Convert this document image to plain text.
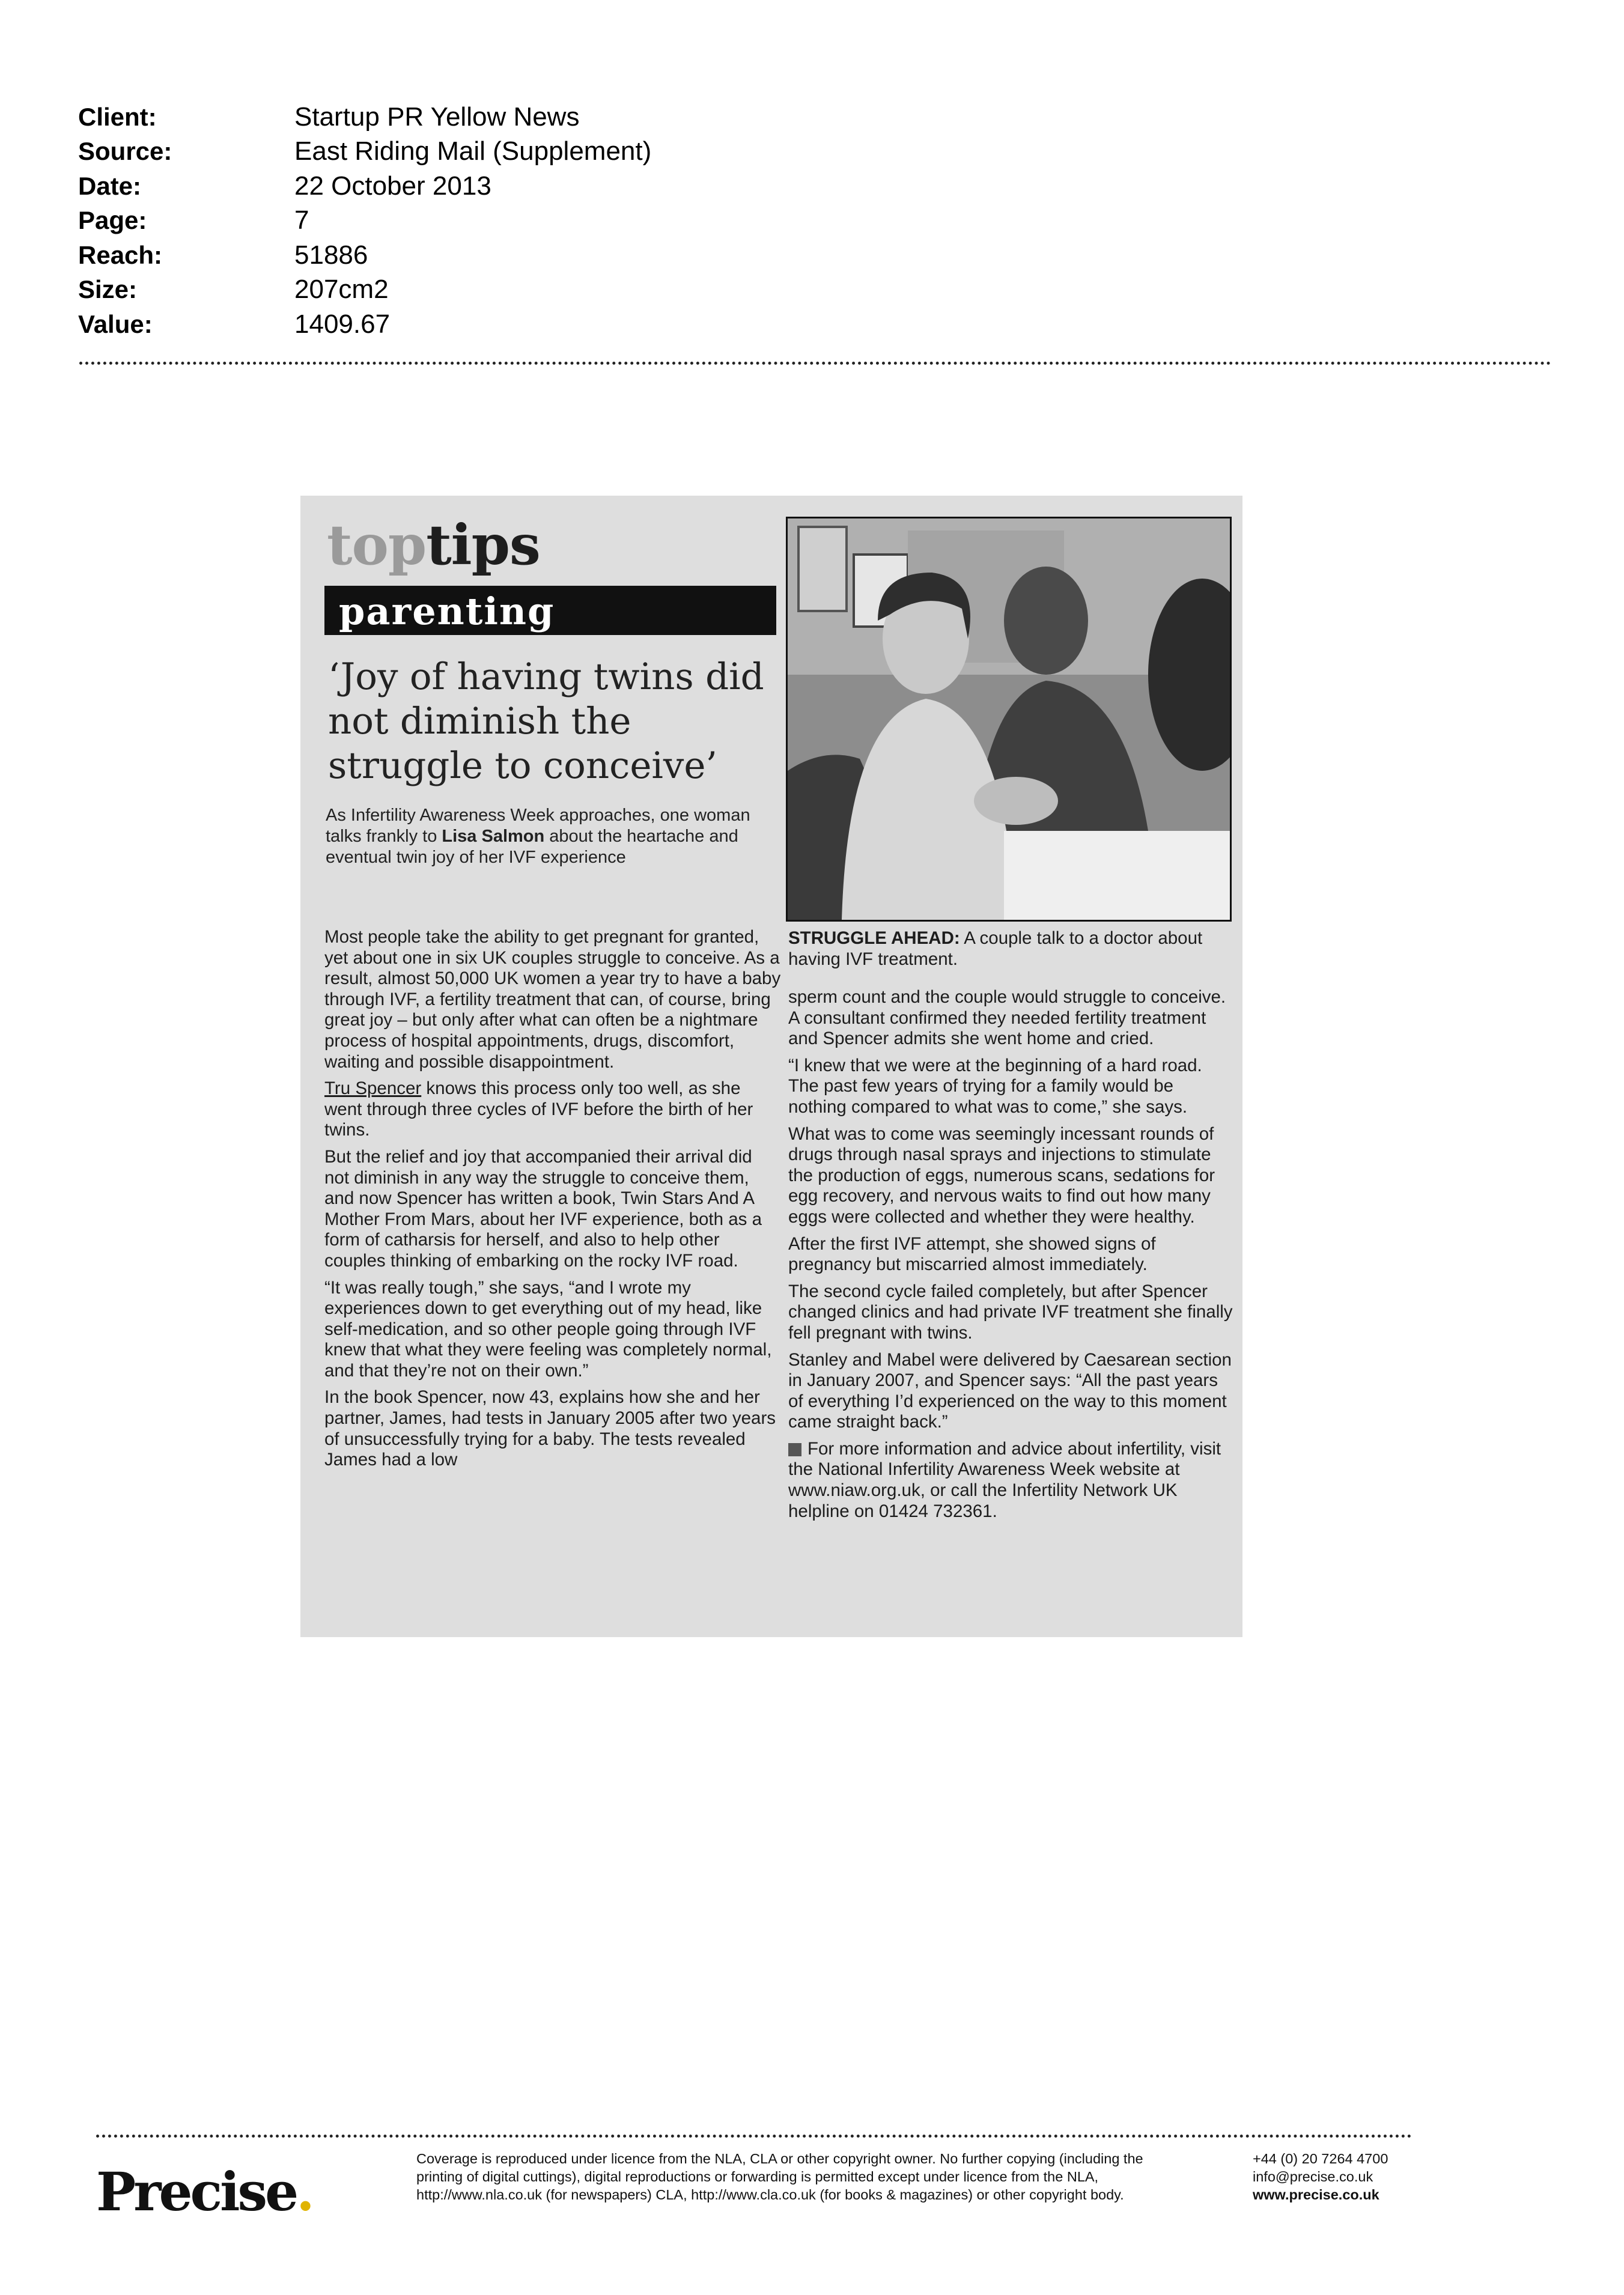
Client:	Startup PR Yellow News
Source:	East Riding Mail (Supplement)
Date:	22 October 2013
Page:	7
Reach:	51886
Size:	207cm2
Value:	1409.67
toptips
parenting
‘Joy of having twins did not diminish the struggle to conceive’
As Infertility Awareness Week approaches, one woman talks frankly to Lisa Salmon about the heartache and eventual twin joy of her IVF experience
STRUGGLE AHEAD: A couple talk to a doctor about having IVF treatment.

Most people take the ability to get pregnant for granted, yet about one in six UK couples struggle to conceive. As a result, almost 50,000 UK women a year try to have a baby through IVF, a fertility treatment that can, of course, bring great joy – but only after what can often be a nightmare process of hospital appointments, drugs, discomfort, waiting and possible disappointment.

Tru Spencer knows this process only too well, as she went through three cycles of IVF before the birth of her twins.

But the relief and joy that accompanied their arrival did not diminish in any way the struggle to conceive them, and now Spencer has written a book, Twin Stars And A Mother From Mars, about her IVF experience, both as a form of catharsis for herself, and also to help other couples thinking of embarking on the rocky IVF road.

“It was really tough,” she says, “and I wrote my experiences down to get everything out of my head, like self-medication, and so other people going through IVF knew that what they were feeling was completely normal, and that they’re not on their own.”

In the book Spencer, now 43, explains how she and her partner, James, had tests in January 2005 after two years of unsuccessfully trying for a baby. The tests revealed James had a low

sperm count and the couple would struggle to conceive. A consultant confirmed they needed fertility treatment and Spencer admits she went home and cried.

“I knew that we were at the beginning of a hard road. The past few years of trying for a family would be nothing compared to what was to come,” she says.

What was to come was seemingly incessant rounds of drugs through nasal sprays and injections to stimulate the production of eggs, numerous scans, sedations for egg recovery, and nervous waits to find out how many eggs were collected and whether they were healthy.

After the first IVF attempt, she showed signs of pregnancy but miscarried almost immediately.

The second cycle failed completely, but after Spencer changed clinics and had private IVF treatment she finally fell pregnant with twins.

Stanley and Mabel were delivered by Caesarean section in January 2007, and Spencer says: “All the past years of everything I’d experienced on the way to this moment came straight back.”

For more information and advice about infertility, visit the National Infertility Awareness Week website at www.niaw.org.uk, or call the Infertility Network UK helpline on 01424 732361.

Precise.
Coverage is reproduced under licence from the NLA, CLA or other copyright owner. No further copying (including the
printing of digital cuttings), digital reproductions or forwarding is permitted except under licence from the NLA,
http://www.nla.co.uk (for newspapers) CLA, http://www.cla.co.uk (for books & magazines) or other copyright body.
+44 (0) 20 7264 4700
info@precise.co.uk
www.precise.co.uk
